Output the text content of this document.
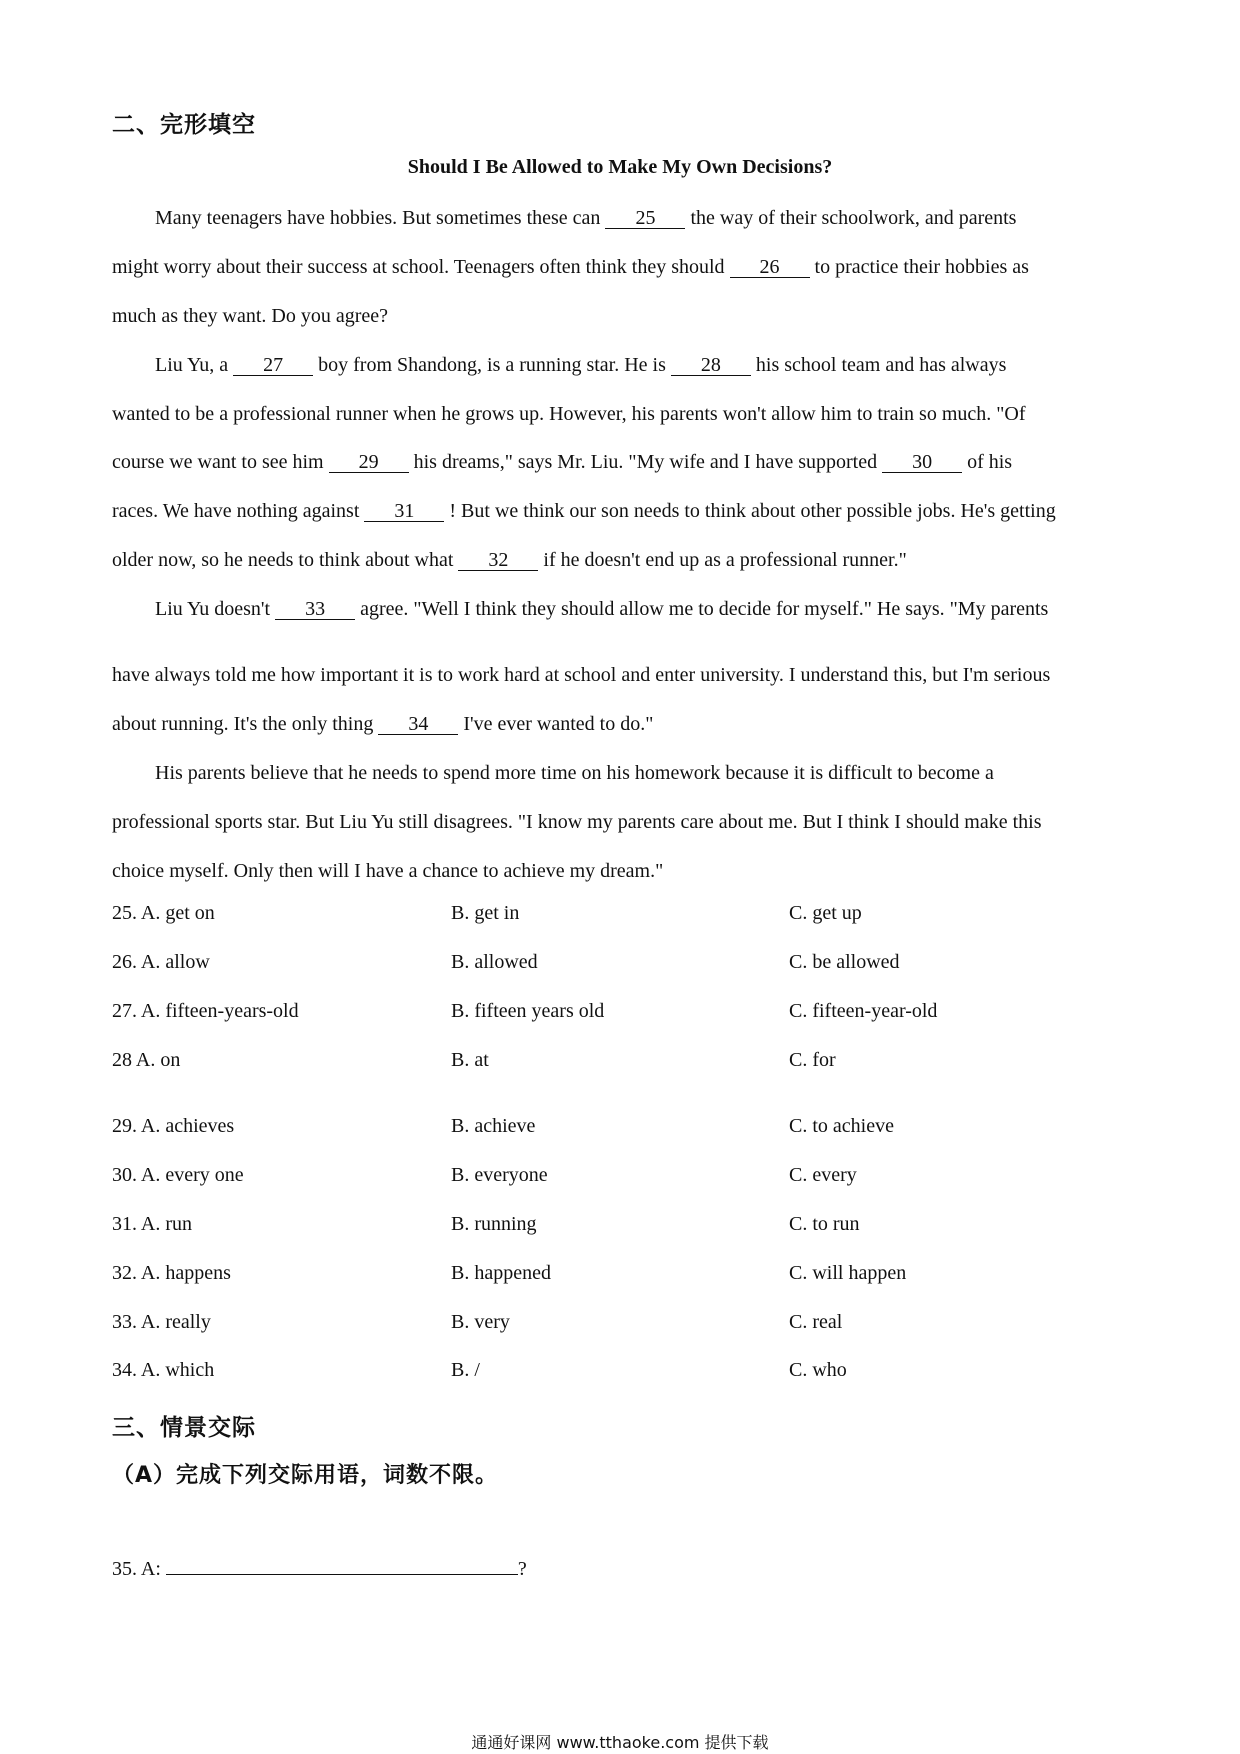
二、完形填空
Should I Be Allowed to Make My Own Decisions?
Many teenagers have hobbies. But sometimes these can 25 the way of their schoolwork, and parents
might worry about their success at school. Teenagers often think they should 26 to practice their hobbies as
much as they want. Do you agree?
Liu Yu, a 27 boy from Shandong, is a running star. He is 28 his school team and has always
wanted to be a professional runner when he grows up. However, his parents won't allow him to train so much. "Of
course we want to see him 29 his dreams," says Mr. Liu. "My wife and I have supported 30 of his
races. We have nothing against 31 ! But we think our son needs to think about other possible jobs. He's getting
older now, so he needs to think about what 32 if he doesn't end up as a professional runner."
Liu Yu doesn't 33 agree. "Well I think they should allow me to decide for myself." He says. "My parents
have always told me how important it is to work hard at school and enter university. I understand this, but I'm serious
about running. It's the only thing 34 I've ever wanted to do."
His parents believe that he needs to spend more time on his homework because it is difficult to become a
professional sports star. But Liu Yu still disagrees. "I know my parents care about me. But I think I should make this
choice myself. Only then will I have a chance to achieve my dream."
25. A. get on	B. get in	C. get up
26. A. allow	B. allowed	C. be allowed
27. A. fifteen-years-old	B. fifteen years old	C. fifteen-year-old
28 A. on	B. at	C. for
29. A. achieves	B. achieve	C. to achieve
30. A. every one	B. everyone	C. every
31. A. run	B. running	C. to run
32. A. happens	B. happened	C. will happen
33. A. really	B. very	C. real
34. A. which	B. /	C. who
三、情景交际
（A）完成下列交际用语，词数不限。
35. A:	?
通通好课网 www.tthaoke.com 提供下载
